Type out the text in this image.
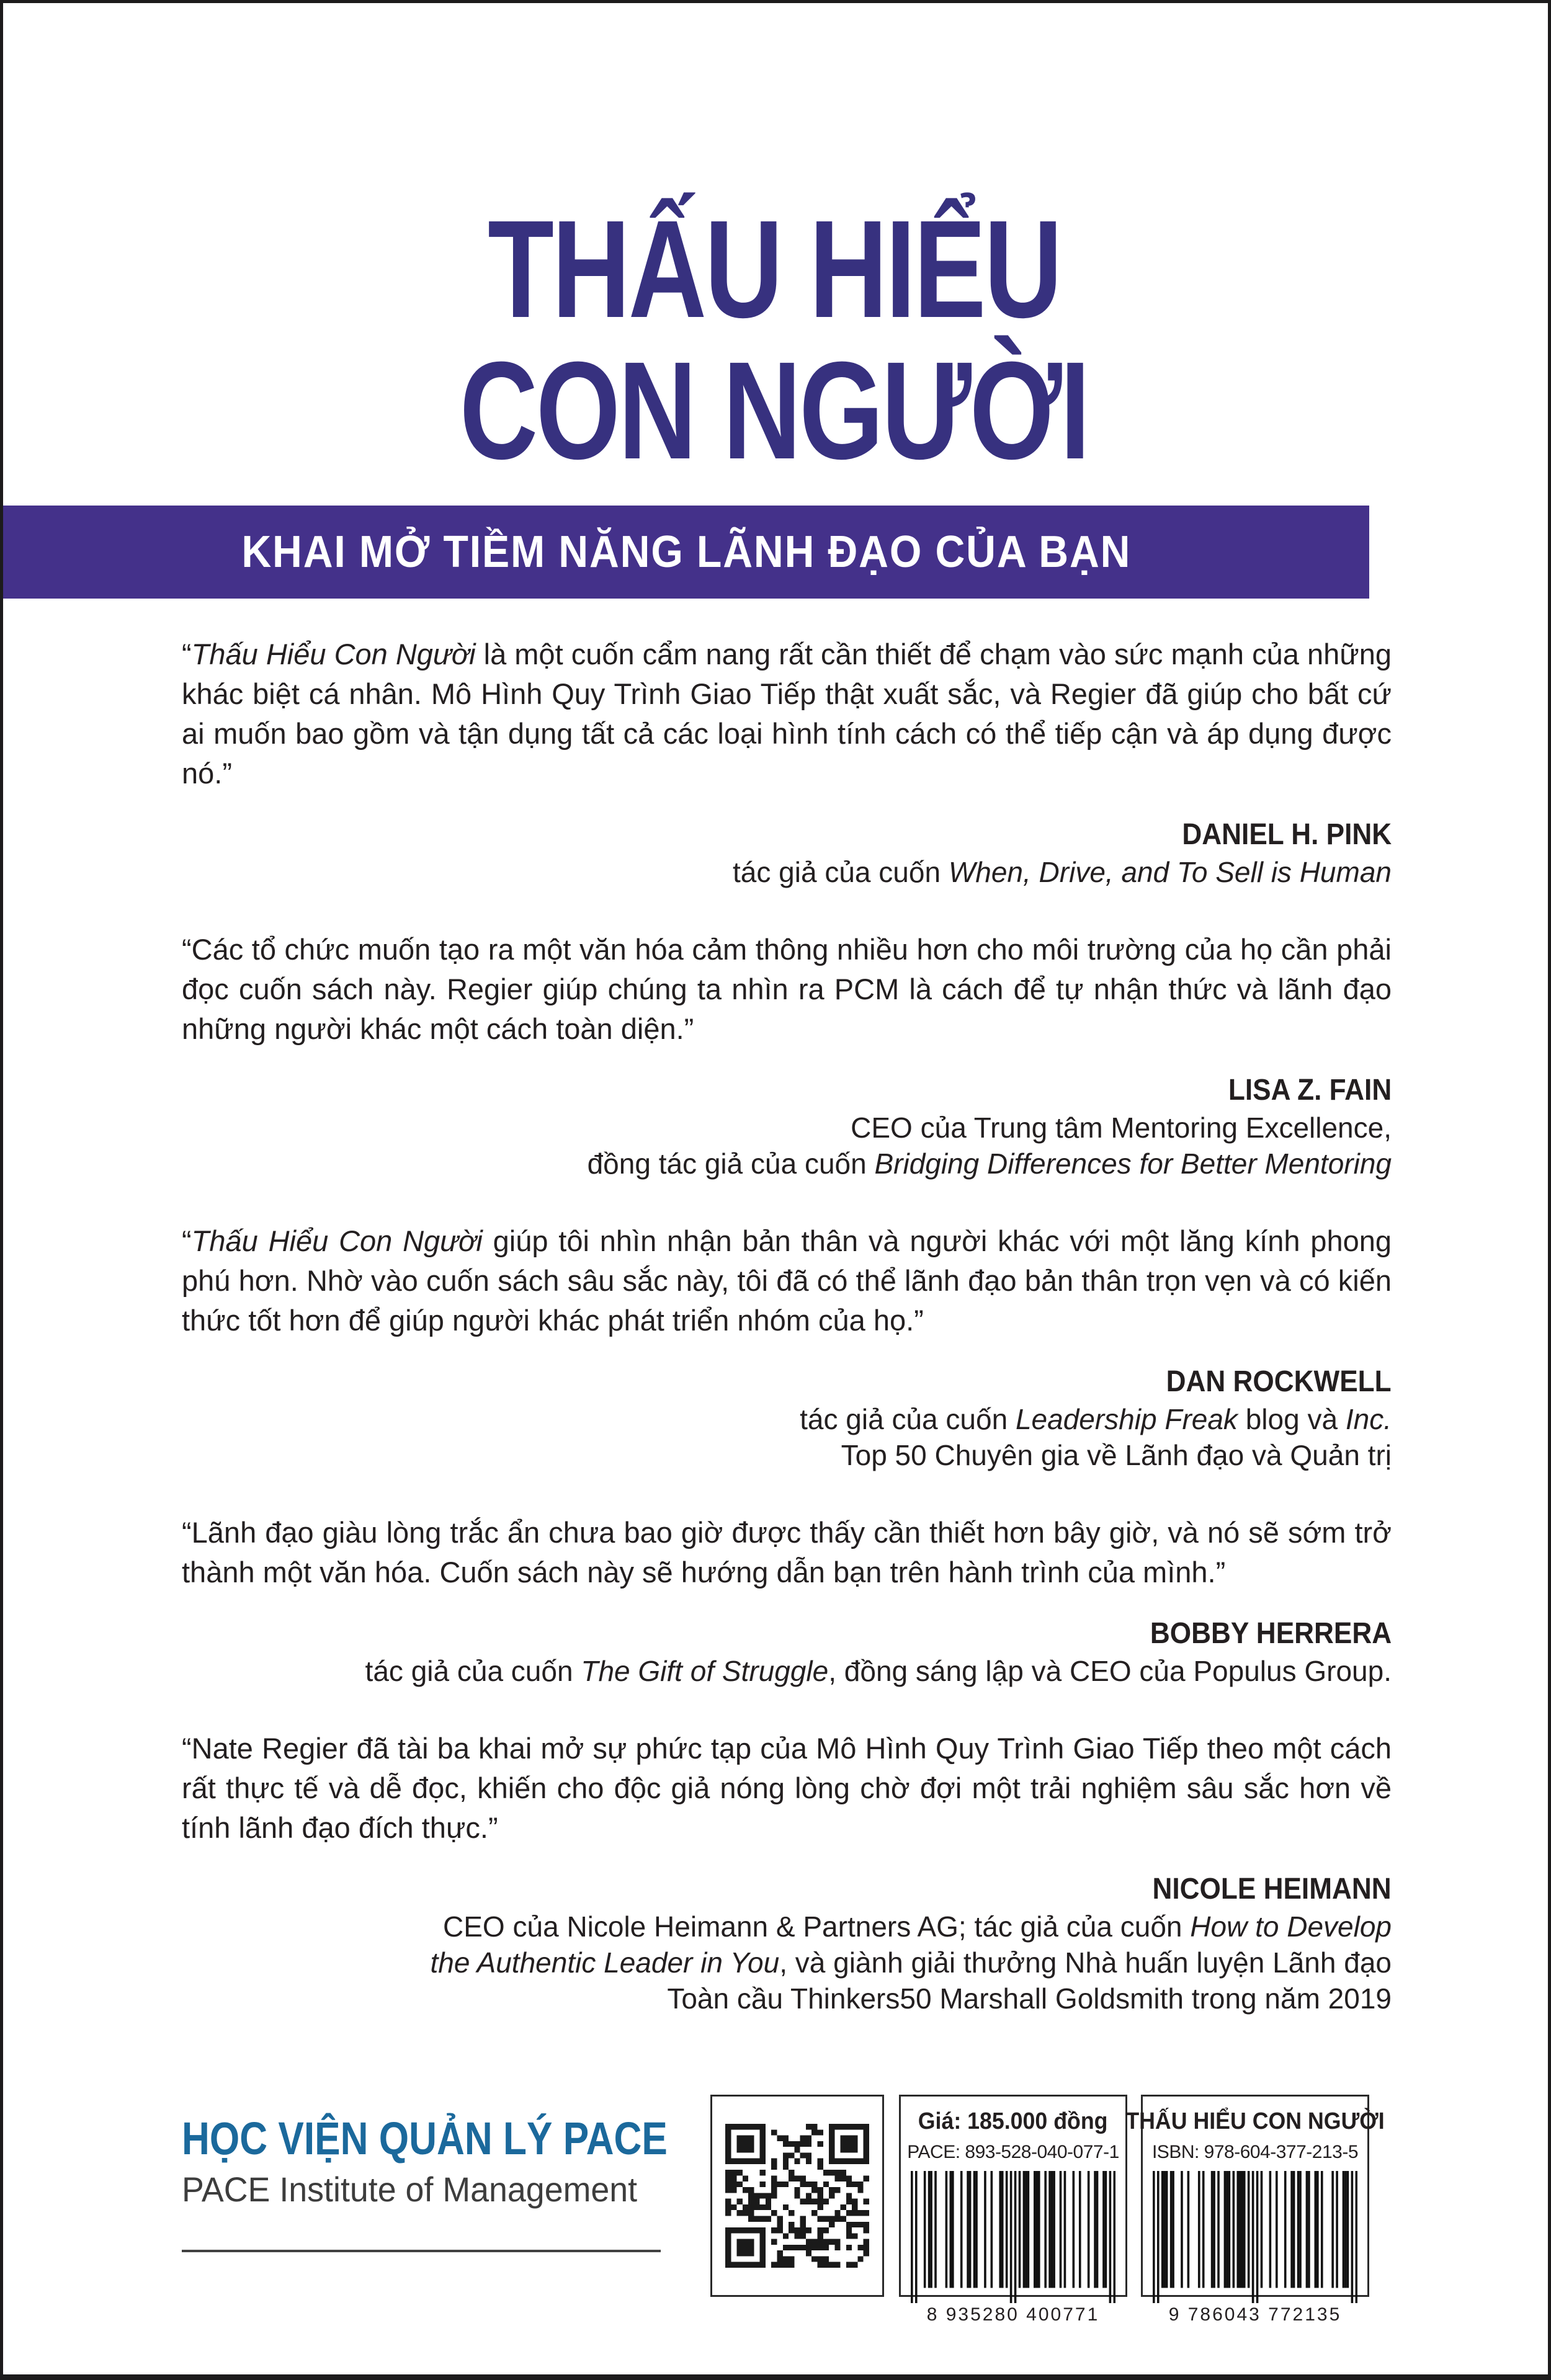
THẤU HIỂU
CON NGƯỜI
KHAI MỞ TIỀM NĂNG LÃNH ĐẠO CỦA BẠN

“Thấu Hiểu Con Người là một cuốn cẩm nang rất cần thiết để chạm vào sức mạnh của những khác biệt cá nhân. Mô Hình Quy Trình Giao Tiếp thật xuất sắc, và Regier đã giúp cho bất cứ ai muốn bao gồm và tận dụng tất cả các loại hình tính cách có thể tiếp cận và áp dụng được nó.”

DANIEL H. PINK
tác giả của cuốn When, Drive, and To Sell is Human

“Các tổ chức muốn tạo ra một văn hóa cảm thông nhiều hơn cho môi trường của họ cần phải đọc cuốn sách này. Regier giúp chúng ta nhìn ra PCM là cách để tự nhận thức và lãnh đạo những người khác một cách toàn diện.”

LISA Z. FAIN
CEO của Trung tâm Mentoring Excellence,
đồng tác giả của cuốn Bridging Differences for Better Mentoring

“Thấu Hiểu Con Người giúp tôi nhìn nhận bản thân và người khác với một lăng kính phong phú hơn. Nhờ vào cuốn sách sâu sắc này, tôi đã có thể lãnh đạo bản thân trọn vẹn và có kiến thức tốt hơn để giúp người khác phát triển nhóm của họ.”

DAN ROCKWELL
tác giả của cuốn Leadership Freak blog và Inc.
Top 50 Chuyên gia về Lãnh đạo và Quản trị

“Lãnh đạo giàu lòng trắc ẩn chưa bao giờ được thấy cần thiết hơn bây giờ, và nó sẽ sớm trở thành một văn hóa. Cuốn sách này sẽ hướng dẫn bạn trên hành trình của mình.”

BOBBY HERRERA
tác giả của cuốn The Gift of Struggle, đồng sáng lập và CEO của Populus Group.

“Nate Regier đã tài ba khai mở sự phức tạp của Mô Hình Quy Trình Giao Tiếp theo một cách rất thực tế và dễ đọc, khiến cho độc giả nóng lòng chờ đợi một trải nghiệm sâu sắc hơn về tính lãnh đạo đích thực.”

NICOLE HEIMANN
CEO của Nicole Heimann & Partners AG; tác giả của cuốn How to Develop
the Authentic Leader in You, và giành giải thưởng Nhà huấn luyện Lãnh đạo
Toàn cầu Thinkers50 Marshall Goldsmith trong năm 2019
HỌC VIỆN QUẢN LÝ PACE
PACE Institute of Management
Giá: 185.000 đồng
PACE: 893-528-040-077-1
8 935280 400771
THẤU HIỂU CON NGƯỜI
ISBN: 978-604-377-213-5
9 786043 772135
